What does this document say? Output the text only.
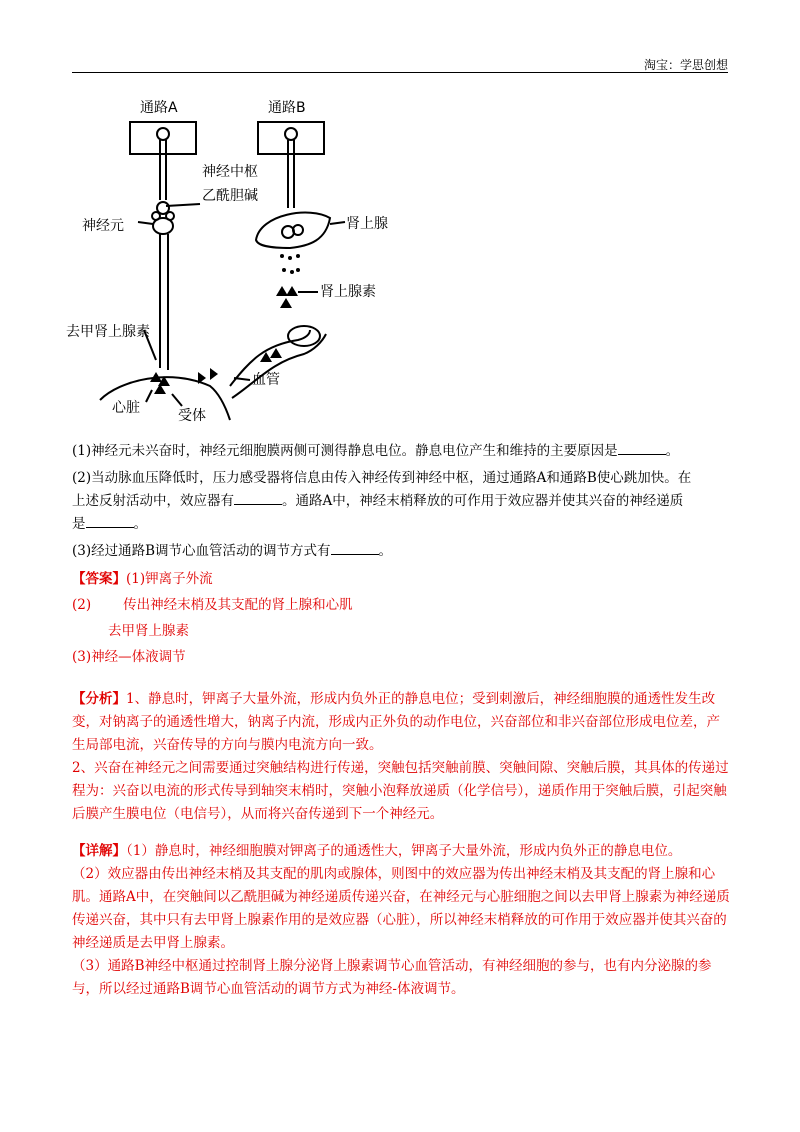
淘宝：学思创想
通路A	通路B
神经中枢
乙酰胆碱
神经元	肾上腺
肾上腺素
去甲肾上腺素
血管
心脏	受体
(1)神经元未兴奋时，神经元细胞膜两侧可测得静息电位。静息电位产生和维持的主要原因是	。
(2)当动脉血压降低时，压力感受器将信息由传入神经传到神经中枢，通过通路A和通路B使心跳加快。在
上述反射活动中，效应器有	。通路A中，神经末梢释放的可作用于效应器并使其兴奋的神经递质
是	。
(3)经过通路B调节心血管活动的调节方式有	。
【答案】(1)钾离子外流
(2) 传出神经末梢及其支配的肾上腺和心肌
去甲肾上腺素
(3)神经—体液调节
【分析】1、静息时，钾离子大量外流，形成内负外正的静息电位；受到刺激后，神经细胞膜的通透性发生改变，对钠离子的通透性增大，钠离子内流，形成内正外负的动作电位，兴奋部位和非兴奋部位形成电位差，产生局部电流，兴奋传导的方向与膜内电流方向一致。
2、兴奋在神经元之间需要通过突触结构进行传递，突触包括突触前膜、突触间隙、突触后膜，其具体的传递过程为：兴奋以电流的形式传导到轴突末梢时，突触小泡释放递质（化学信号），递质作用于突触后膜，引起突触后膜产生膜电位（电信号），从而将兴奋传递到下一个神经元。
【详解】（1）静息时，神经细胞膜对钾离子的通透性大，钾离子大量外流，形成内负外正的静息电位。
（2）效应器由传出神经末梢及其支配的肌肉或腺体，则图中的效应器为传出神经末梢及其支配的肾上腺和心肌。通路A中，在突触间以乙酰胆碱为神经递质传递兴奋，在神经元与心脏细胞之间以去甲肾上腺素为神经递质传递兴奋，其中只有去甲肾上腺素作用的是效应器（心脏），所以神经末梢释放的可作用于效应器并使其兴奋的神经递质是去甲肾上腺素。
（3）通路B神经中枢通过控制肾上腺分泌肾上腺素调节心血管活动，有神经细胞的参与，也有内分泌腺的参与，所以经过通路B调节心血管活动的调节方式为神经-体液调节。
